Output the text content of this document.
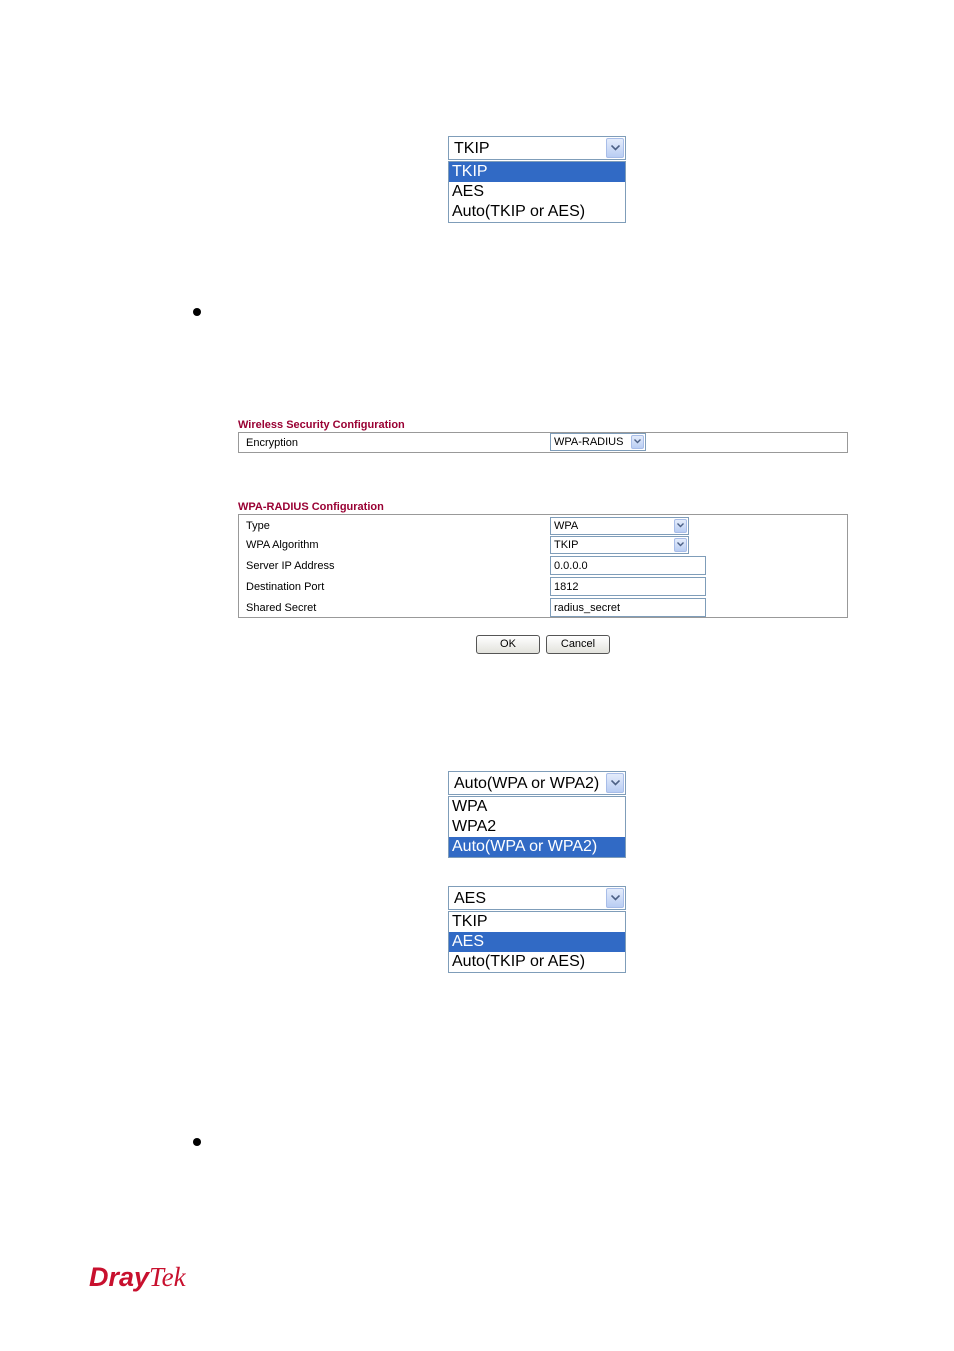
TKIP
TKIP
AES
Auto(TKIP or AES)
Wireless Security Configuration
Encryption	WPA-RADIUS
WPA-RADIUS Configuration
Type	WPA
WPA Algorithm	TKIP
Server IP Address	0.0.0.0
Destination Port	1812
Shared Secret	radius_secret
OK	Cancel
Auto(WPA or WPA2)
WPA
WPA2
Auto(WPA or WPA2)
AES
TKIP
AES
Auto(TKIP or AES)
DrayTek
